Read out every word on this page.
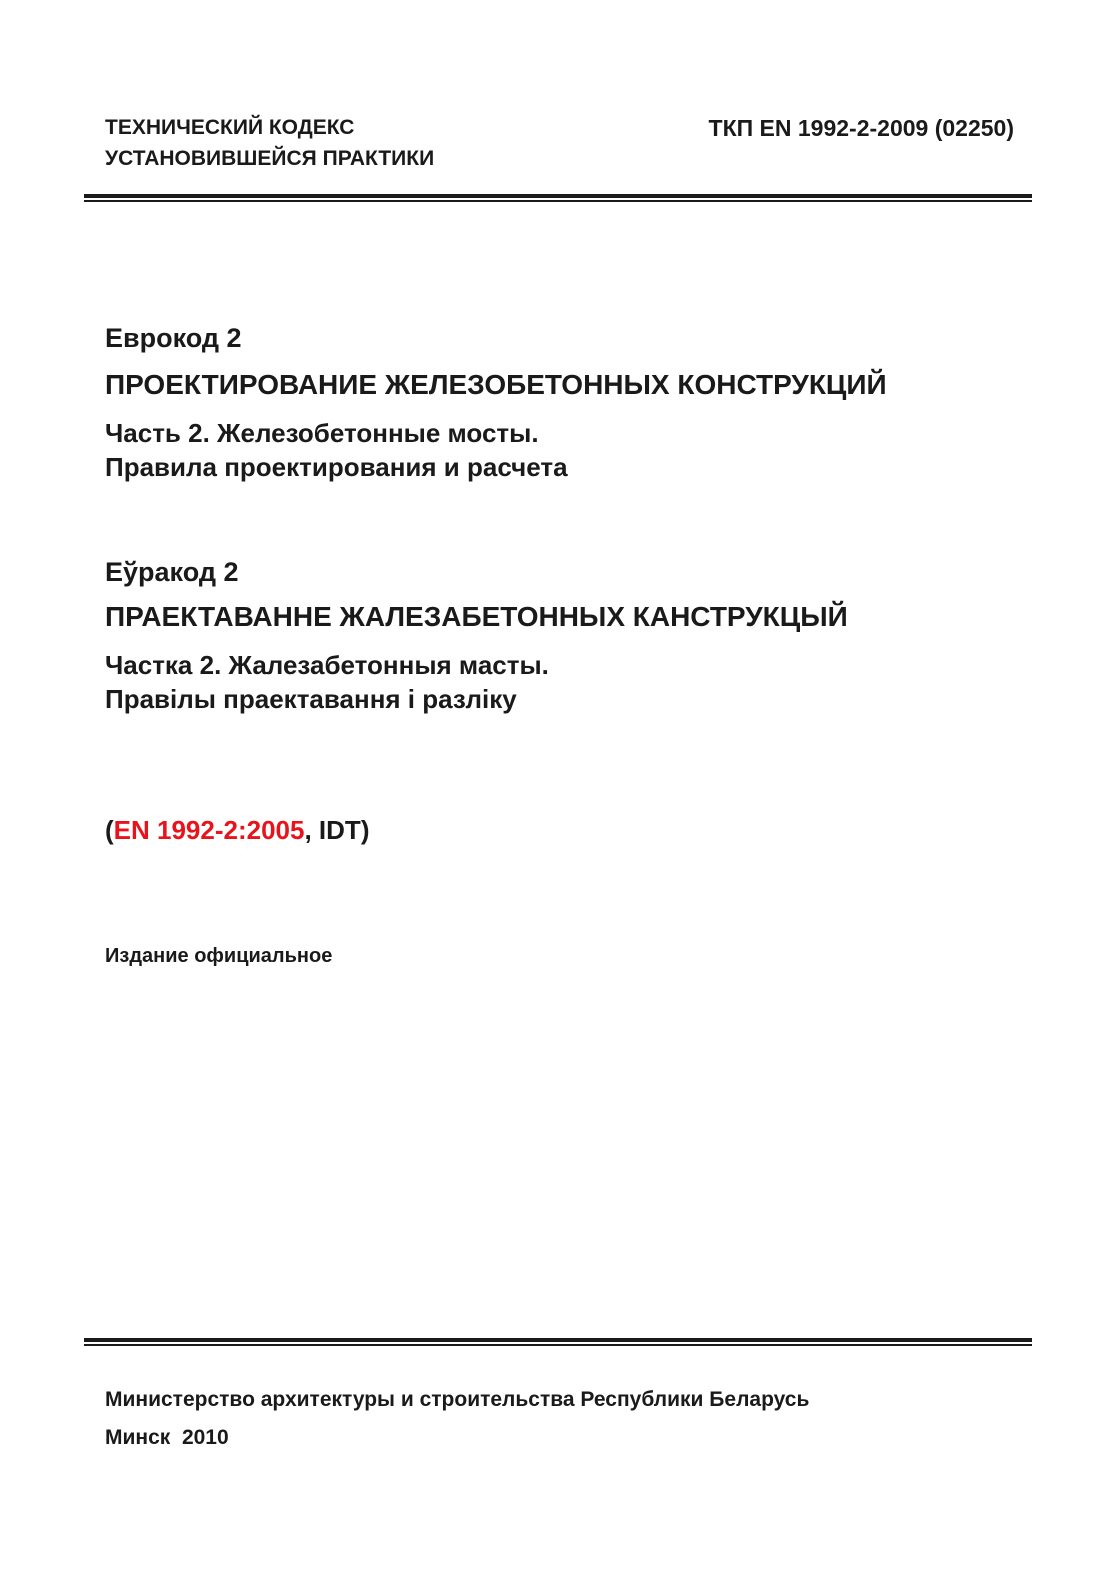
ТЕХНИЧЕСКИЙ КОДЕКС
УСТАНОВИВШЕЙСЯ ПРАКТИКИ
ТКП EN 1992-2-2009 (02250)
Еврокод 2
ПРОЕКТИРОВАНИЕ ЖЕЛЕЗОБЕТОННЫХ КОНСТРУКЦИЙ
Часть 2. Железобетонные мосты.
Правила проектирования и расчета
Еўракод 2
ПРАЕКТАВАННЕ ЖАЛЕЗАБЕТОННЫХ КАНСТРУКЦЫЙ
Частка 2. Жалезабетонныя масты.
Правілы праектавання і разліку
(EN 1992-2:2005, IDT)
Издание официальное
Министерство архитектуры и строительства Республики Беларусь
Минск  2010
